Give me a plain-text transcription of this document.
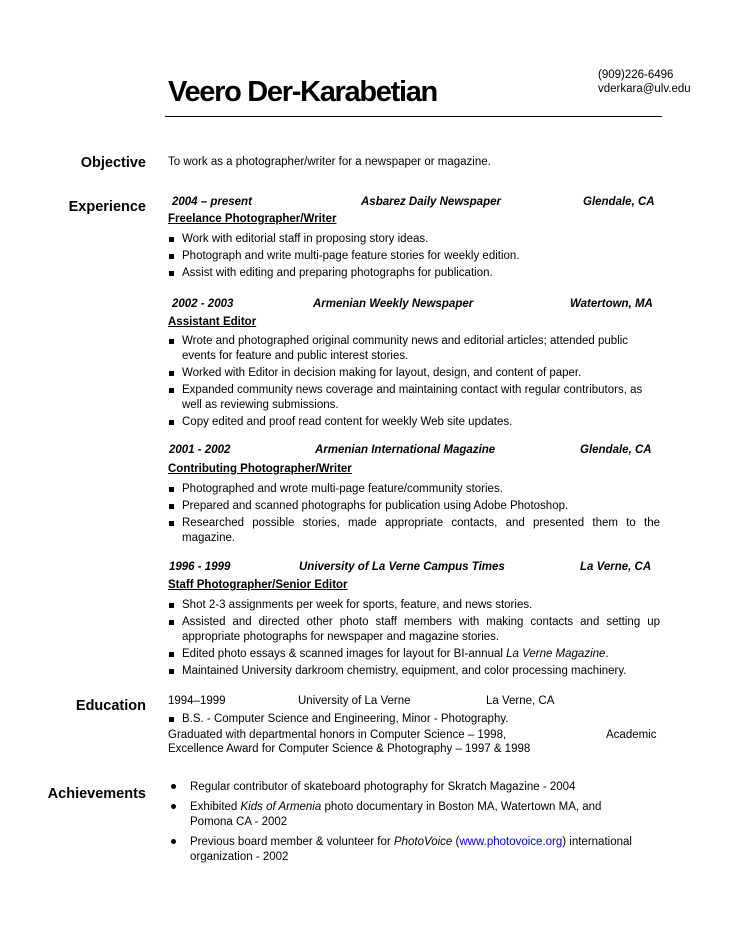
Veero Der-Karabetian
(909)226-6496
vderkara@ulv.edu
Objective To work as a photographer/writer for a newspaper or magazine.
Experience 2004 – present	Asbarez Daily Newspaper	Glendale, CA
Freelance Photographer/Writer
Work with editorial staff in proposing story ideas.
Photograph and write multi-page feature stories for weekly edition.
Assist with editing and preparing photographs for publication.
2002 - 2003	Armenian Weekly Newspaper	Watertown, MA
Assistant Editor
Wrote and photographed original community news and editorial articles; attended public events for feature and public interest stories.
Worked with Editor in decision making for layout, design, and content of paper.
Expanded community news coverage and maintaining contact with regular contributors, as well as reviewing submissions.
Copy edited and proof read content for weekly Web site updates.
2001 - 2002	Armenian International Magazine	Glendale, CA
Contributing Photographer/Writer
Photographed and wrote multi-page feature/community stories.
Prepared and scanned photographs for publication using Adobe Photoshop.
Researched possible stories, made appropriate contacts, and presented them to the magazine.
1996 - 1999	University of La Verne Campus Times	La Verne, CA
Staff Photographer/Senior Editor
Shot 2-3 assignments per week for sports, feature, and news stories.
Assisted and directed other photo staff members with making contacts and setting up appropriate photographs for newspaper and magazine stories.
Edited photo essays & scanned images for layout for BI-annual La Verne Magazine.
Maintained University darkroom chemistry, equipment, and color processing machinery.
Education 1994–1999	University of La Verne	La Verne, CA
B.S. - Computer Science and Engineering, Minor - Photography.
Graduated with departmental honors in Computer Science – 1998,	Academic
Excellence Award for Computer Science & Photography – 1997 & 1998
Achievements	Regular contributor of skateboard photography for Skratch Magazine - 2004
Exhibited Kids of Armenia photo documentary in Boston MA, Watertown MA, and Pomona CA - 2002
Previous board member & volunteer for PhotoVoice (www.photovoice.org) international organization - 2002
